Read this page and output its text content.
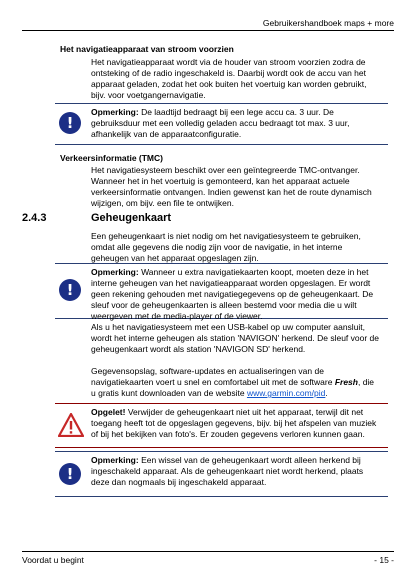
Gebruikershandboek maps + more
Het navigatieapparaat van stroom voorzien
Het navigatieapparaat wordt via de houder van stroom voorzien zodra de ontsteking of de radio ingeschakeld is. Daarbij wordt ook de accu van het apparaat geladen, zodat het ook buiten het voertuig kan worden gebruikt, bijv. voor voetgangernavigatie.
!
Opmerking: De laadtijd bedraagt bij een lege accu ca. 3 uur. De gebruiksduur met een volledig geladen accu bedraagt tot max. 3 uur, afhankelijk van de apparaatconfiguratie.
Verkeersinformatie (TMC)
Het navigatiesysteem beschikt over een geïntegreerde TMC-ontvanger. Wanneer het in het voertuig is gemonteerd, kan het apparaat actuele verkeersinformatie ontvangen. Indien gewenst kan het de route dynamisch wijzigen, om bijv. een file te ontwijken.
2.4.3	Geheugenkaart
Een geheugenkaart is niet nodig om het navigatiesysteem te gebruiken, omdat alle gegevens die nodig zijn voor de navigatie, in het interne geheugen van het apparaat opgeslagen zijn.
!
Opmerking: Wanneer u extra navigatiekaarten koopt, moeten deze in het interne geheugen van het navigatieapparaat worden opgeslagen. Er wordt geen rekening gehouden met navigatiegegevens op de geheugenkaart. De sleuf voor de geheugenkaarten is alleen bestemd voor media die u wilt weergeven met de media-player of de viewer.
Als u het navigatiesysteem met een USB-kabel op uw computer aansluit, wordt het interne geheugen als station 'NAVIGON' herkend. De sleuf voor de geheugenkaart wordt als station 'NAVIGON SD' herkend.
Gegevensopslag, software-updates en actualiseringen van de navigatiekaarten voert u snel en comfortabel uit met de software Fresh, die u gratis kunt downloaden van de website www.garmin.com/pid.
Opgelet! Verwijder de geheugenkaart niet uit het apparaat, terwijl dit net toegang heeft tot de opgeslagen gegevens, bijv. bij het afspelen van muziek of bij het bekijken van foto's. Er zouden gegevens verloren kunnen gaan.
!
Opmerking: Een wissel van de geheugenkaart wordt alleen herkend bij ingeschakeld apparaat. Als de geheugenkaart niet wordt herkend, plaats deze dan nogmaals bij ingeschakeld apparaat.
Voordat u begint	- 15 -
